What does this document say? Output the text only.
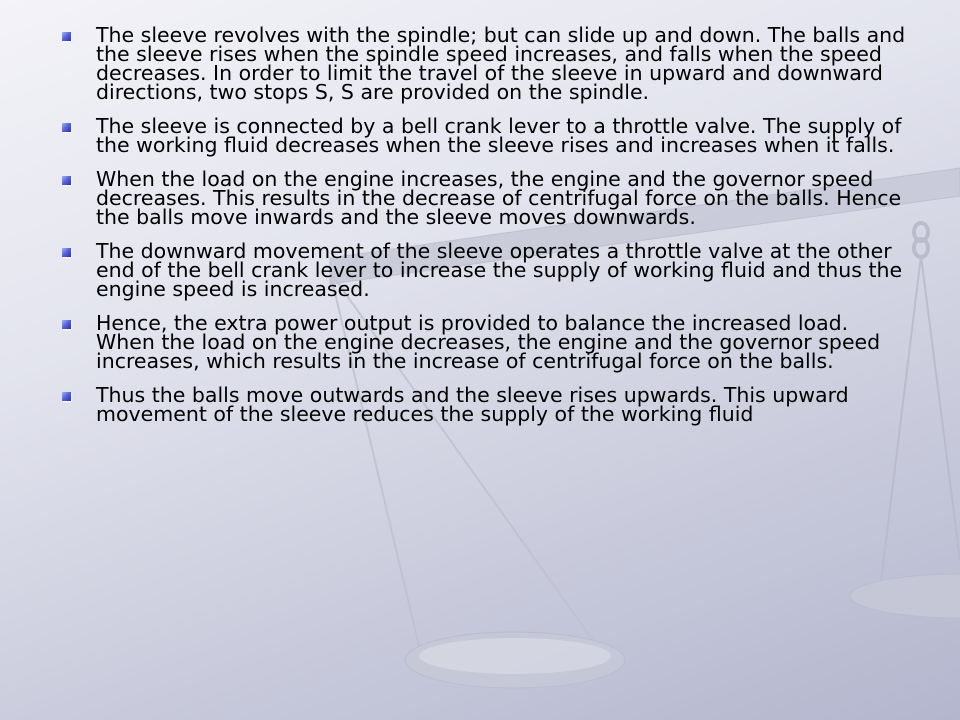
The sleeve revolves with the spindle; but can slide up and down. The balls and the sleeve rises when the spindle speed increases, and falls when the speed decreases. In order to limit the travel of the sleeve in upward and downward directions, two stops S, S are provided on the spindle.
The sleeve is connected by a bell crank lever to a throttle valve. The supply of the working fluid decreases when the sleeve rises and increases when it falls.
When the load on the engine increases, the engine and the governor speed decreases. This results in the decrease of centrifugal force on the balls. Hence the balls move inwards and the sleeve moves downwards.
The downward movement of the sleeve operates a throttle valve at the other end of the bell crank lever to increase the supply of working fluid and thus the engine speed is increased.
Hence, the extra power output is provided to balance the increased load. When the load on the engine decreases, the engine and the governor speed increases, which results in the increase of centrifugal force on the balls.
Thus the balls move outwards and the sleeve rises upwards. This upward movement of the sleeve reduces the supply of the working fluid
